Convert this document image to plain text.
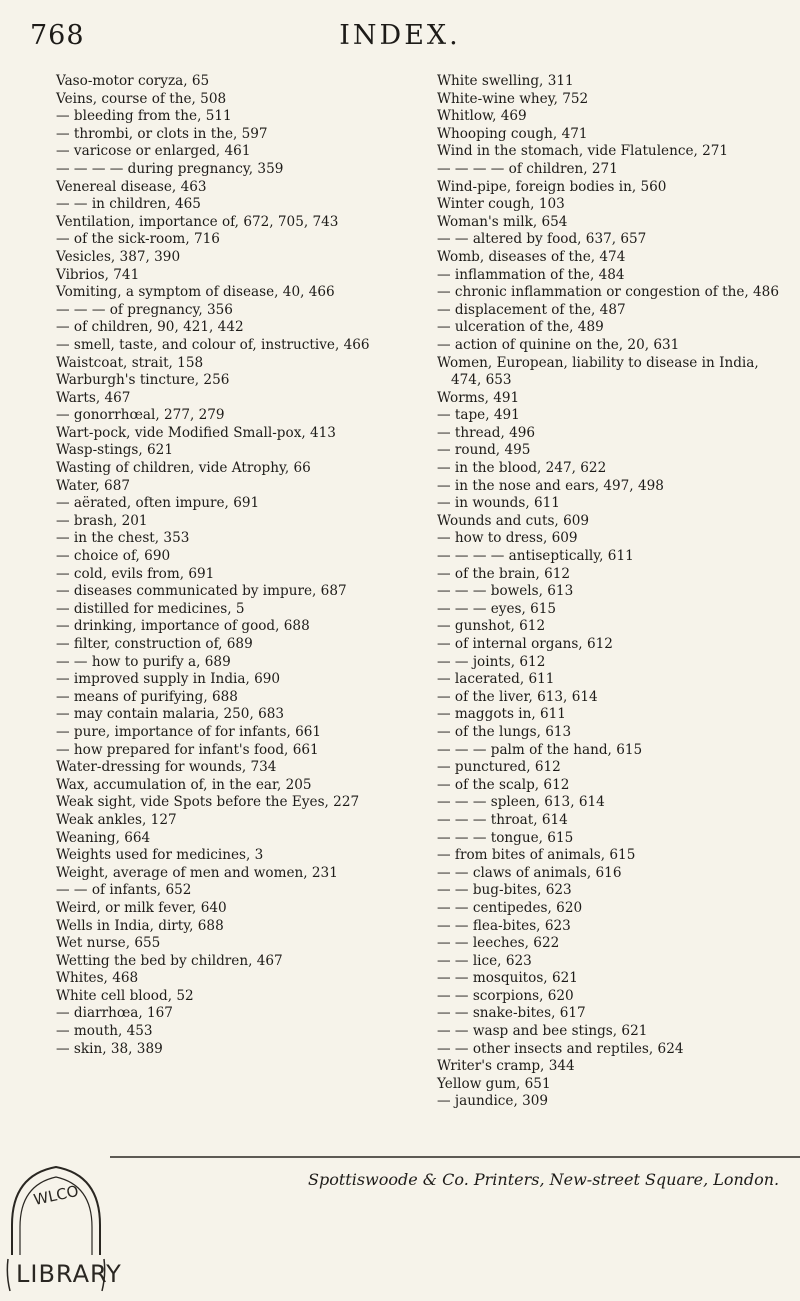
768	INDEX.
Vaso-motor coryza, 65
Veins, course of the, 508
— bleeding from the, 511
— thrombi, or clots in the, 597
— varicose or enlarged, 461
— — — — during pregnancy, 359
Venereal disease, 463
— — in children, 465
Ventilation, importance of, 672, 705, 743
— of the sick-room, 716
Vesicles, 387, 390
Vibrios, 741
Vomiting, a symptom of disease, 40, 466
— — — of pregnancy, 356
— of children, 90, 421, 442
— smell, taste, and colour of, instructive, 466
Waistcoat, strait, 158
Warburgh's tincture, 256
Warts, 467
— gonorrhœal, 277, 279
Wart-pock, vide Modified Small-pox, 413
Wasp-stings, 621
Wasting of children, vide Atrophy, 66
Water, 687
— aërated, often impure, 691
— brash, 201
— in the chest, 353
— choice of, 690
— cold, evils from, 691
— diseases communicated by impure, 687
— distilled for medicines, 5
— drinking, importance of good, 688
— filter, construction of, 689
— — how to purify a, 689
— improved supply in India, 690
— means of purifying, 688
— may contain malaria, 250, 683
— pure, importance of for infants, 661
— how prepared for infant's food, 661
Water-dressing for wounds, 734
Wax, accumulation of, in the ear, 205
Weak sight, vide Spots before the Eyes, 227
Weak ankles, 127
Weaning, 664
Weights used for medicines, 3
Weight, average of men and women, 231
— — of infants, 652
Weird, or milk fever, 640
Wells in India, dirty, 688
Wet nurse, 655
Wetting the bed by children, 467
Whites, 468
White cell blood, 52
— diarrhœa, 167
— mouth, 453
— skin, 38, 389
White swelling, 311
White-wine whey, 752
Whitlow, 469
Whooping cough, 471
Wind in the stomach, vide Flatulence, 271
— — — — of children, 271
Wind-pipe, foreign bodies in, 560
Winter cough, 103
Woman's milk, 654
— — altered by food, 637, 657
Womb, diseases of the, 474
— inflammation of the, 484
— chronic inflammation or congestion of the, 486
— displacement of the, 487
— ulceration of the, 489
— action of quinine on the, 20, 631
Women, European, liability to disease in India, 474, 653
Worms, 491
— tape, 491
— thread, 496
— round, 495
— in the blood, 247, 622
— in the nose and ears, 497, 498
— in wounds, 611
Wounds and cuts, 609
— how to dress, 609
— — — — antiseptically, 611
— of the brain, 612
— — — bowels, 613
— — — eyes, 615
— gunshot, 612
— of internal organs, 612
— — joints, 612
— lacerated, 611
— of the liver, 613, 614
— maggots in, 611
— of the lungs, 613
— — — palm of the hand, 615
— punctured, 612
— of the scalp, 612
— — — spleen, 613, 614
— — — throat, 614
— — — tongue, 615
— from bites of animals, 615
— — claws of animals, 616
— — bug-bites, 623
— — centipedes, 620
— — flea-bites, 623
— — leeches, 622
— — lice, 623
— — mosquitos, 621
— — scorpions, 620
— — snake-bites, 617
— — wasp and bee stings, 621
— — other insects and reptiles, 624
Writer's cramp, 344
Yellow gum, 651
— jaundice, 309
Spottiswoode & Co. Printers, New-street Square, London.
WLCO
LIBRARY
